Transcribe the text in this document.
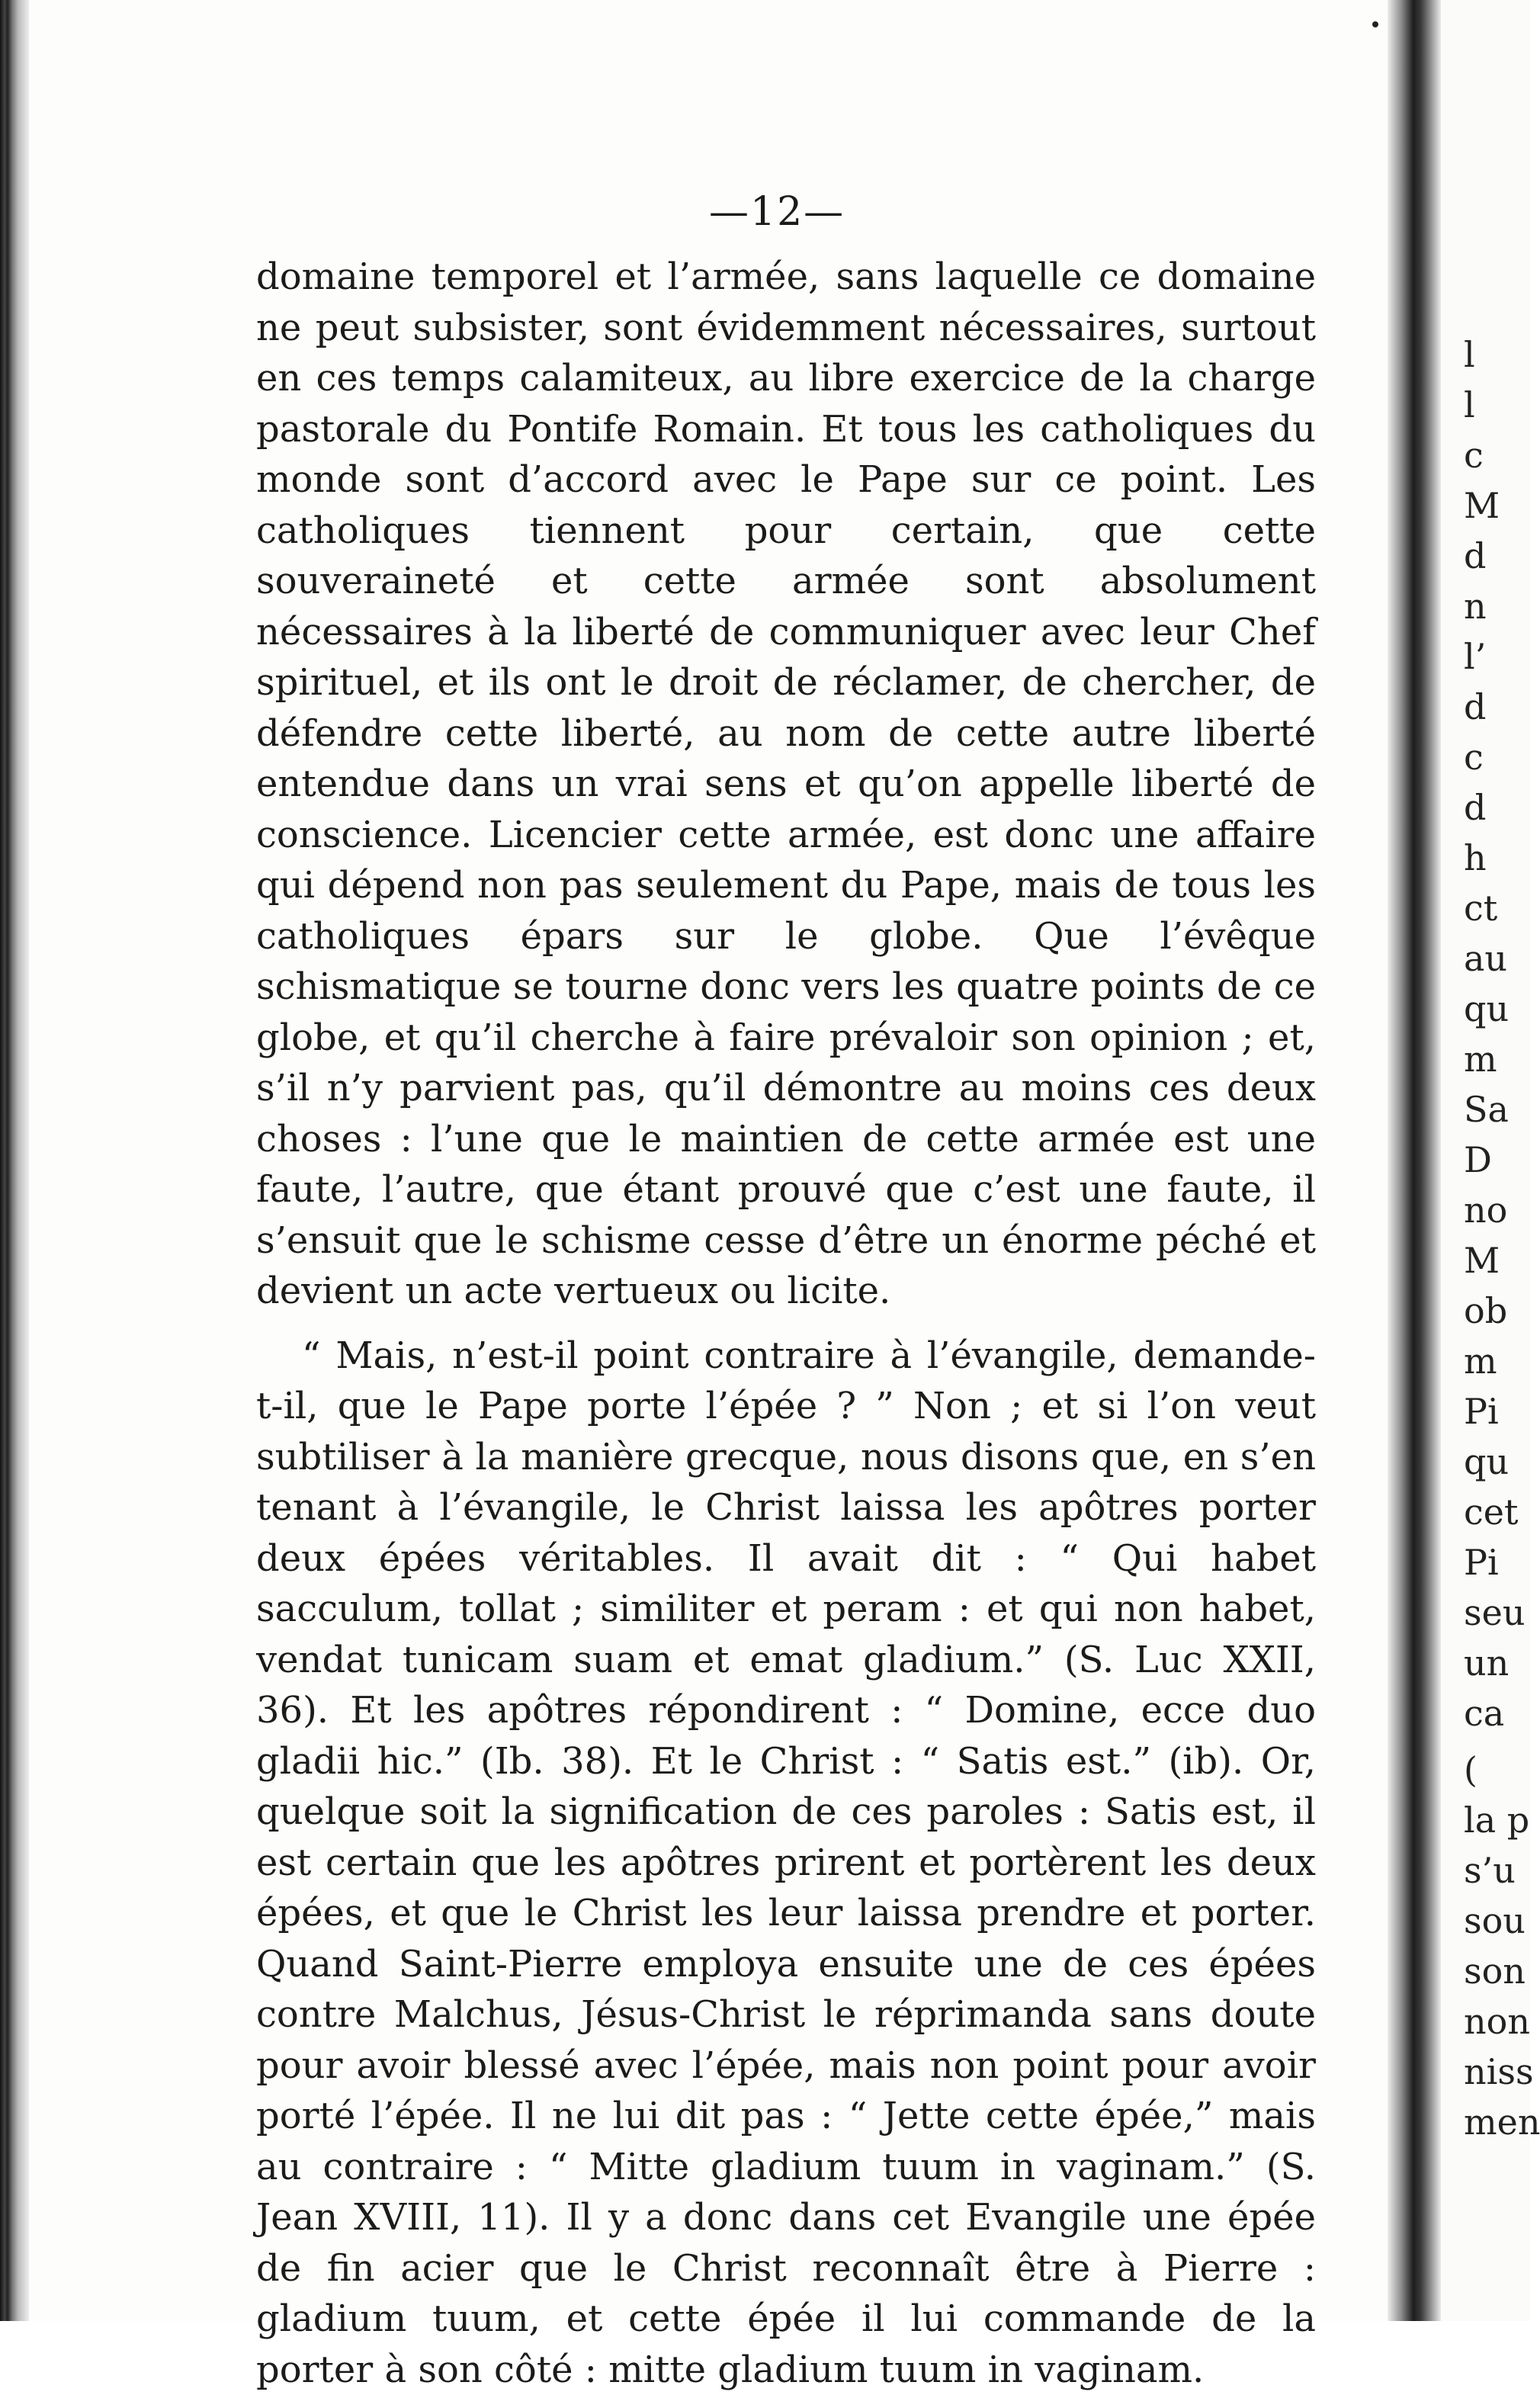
—12—

domaine temporel et l’armée, sans laquelle ce domaine ne peut subsister, sont évidemment nécessaires, surtout en ces temps calamiteux, au libre exercice de la charge pastorale du Pontife Romain. Et tous les catholiques du monde sont d’accord avec le Pape sur ce point. Les catholiques tiennent pour certain, que cette souveraineté et cette armée sont absolument nécessaires à la liberté de communiquer avec leur Chef spirituel, et ils ont le droit de réclamer, de chercher, de défendre cette liberté, au nom de cette autre liberté entendue dans un vrai sens et qu’on appelle liberté de conscience. Licencier cette armée, est donc une affaire qui dépend non pas seulement du Pape, mais de tous les catholiques épars sur le globe. Que l’évêque schismatique se tourne donc vers les quatre points de ce globe, et qu’il cherche à faire prévaloir son opinion ; et, s’il n’y parvient pas, qu’il démontre au moins ces deux choses : l’une que le maintien de cette armée est une faute, l’autre, que étant prouvé que c’est une faute, il s’ensuit que le schisme cesse d’être un énorme péché et devient un acte vertueux ou licite.

“ Mais, n’est-il point contraire à l’évangile, demande-t-il, que le Pape porte l’épée ? ” Non ; et si l’on veut subtiliser à la manière grecque, nous disons que, en s’en tenant à l’évangile, le Christ laissa les apôtres porter deux épées véritables. Il avait dit : “ Qui habet sacculum, tollat ; similiter et peram : et qui non habet, vendat tunicam suam et emat gladium.” (S. Luc XXII, 36). Et les apôtres répondirent : “ Domine, ecce duo gladii hic.” (Ib. 38). Et le Christ : “ Satis est.” (ib). Or, quelque soit la signification de ces paroles : Satis est, il est certain que les apôtres prirent et portèrent les deux épées, et que le Christ les leur laissa prendre et porter. Quand Saint-Pierre employa ensuite une de ces épées contre Malchus, Jésus-Christ le réprimanda sans doute pour avoir blessé avec l’épée, mais non point pour avoir porté l’épée. Il ne lui dit pas : “ Jette cette épée,” mais au contraire : “ Mitte gladium tuum in vaginam.” (S. Jean XVIII, 11). Il y a donc dans cet Evangile une épée de fin acier que le Christ reconnaît être à Pierre : gladium tuum, et cette épée il lui commande de la porter à son côté : mitte gladium tuum in vaginam.

l
l
c
M
d
n
l’
d
c
d
h
ct
au
qu
m
Sa
D
no
M
ob
m
Pi
qu
cet
Pi
seu
un
ca
(
la p
s’u
sou
son
non
niss
men
